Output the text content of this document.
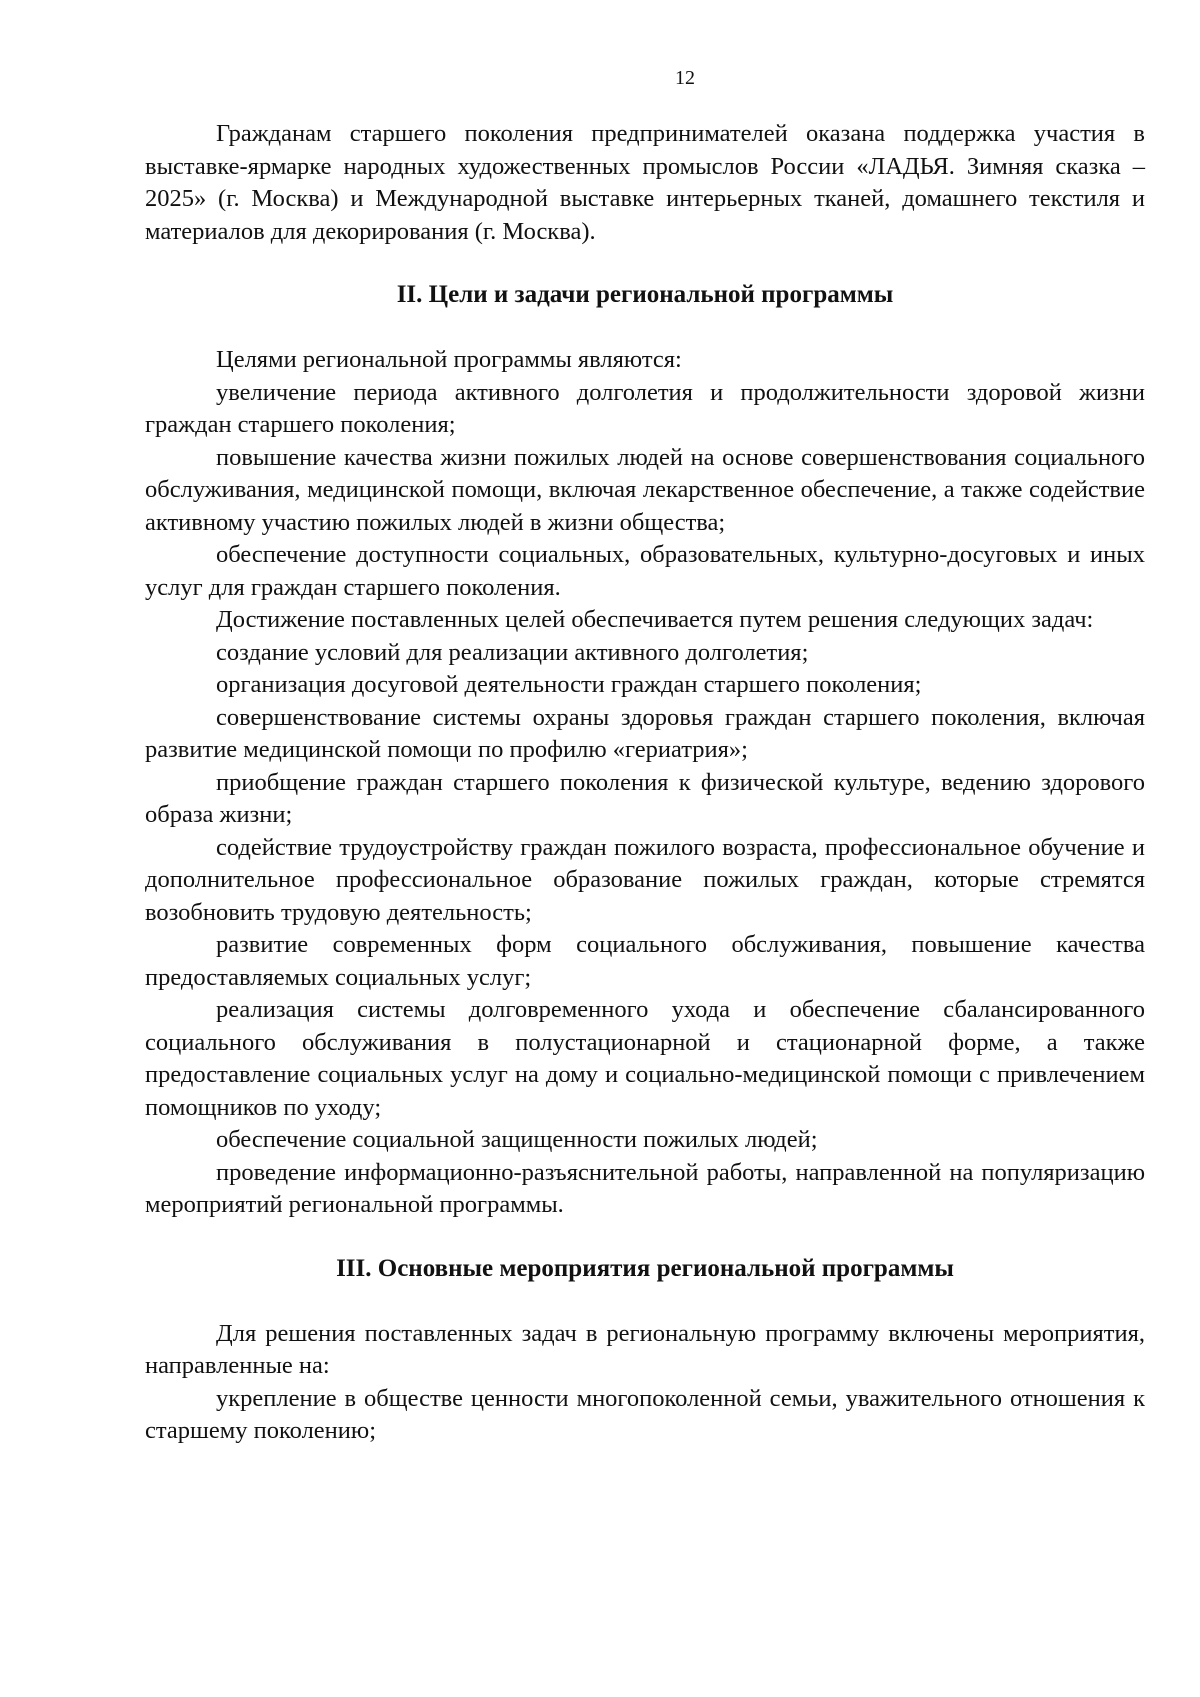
12

Гражданам старшего поколения предпринимателей оказана поддержка участия в выставке-ярмарке народных художественных промыслов России «ЛАДЬЯ. Зимняя сказка – 2025» (г. Москва) и Международной выставке интерьерных тканей, домашнего текстиля и материалов для декорирования (г. Москва).

II. Цели и задачи региональной программы

Целями региональной программы являются:

увеличение периода активного долголетия и продолжительности здоровой жизни граждан старшего поколения;

повышение качества жизни пожилых людей на основе совершенствования социального обслуживания, медицинской помощи, включая лекарственное обеспечение, а также содействие активному участию пожилых людей в жизни общества;

обеспечение доступности социальных, образовательных, культурно-досуговых и иных услуг для граждан старшего поколения.

Достижение поставленных целей обеспечивается путем решения следующих задач:

создание условий для реализации активного долголетия;

организация досуговой деятельности граждан старшего поколения;

совершенствование системы охраны здоровья граждан старшего поколения, включая развитие медицинской помощи по профилю «гериатрия»;

приобщение граждан старшего поколения к физической культуре, ведению здорового образа жизни;

содействие трудоустройству граждан пожилого возраста, профессиональное обучение и дополнительное профессиональное образование пожилых граждан, которые стремятся возобновить трудовую деятельность;

развитие современных форм социального обслуживания, повышение качества предоставляемых социальных услуг;

реализация системы долговременного ухода и обеспечение сбалансированного социального обслуживания в полустационарной и стационарной форме, а также предоставление социальных услуг на дому и социально-медицинской помощи с привлечением помощников по уходу;

обеспечение социальной защищенности пожилых людей;

проведение информационно-разъяснительной работы, направленной на популяризацию мероприятий региональной программы.

III. Основные мероприятия региональной программы

Для решения поставленных задач в региональную программу включены мероприятия, направленные на:

укрепление в обществе ценности многопоколенной семьи, уважительного отношения к старшему поколению;
